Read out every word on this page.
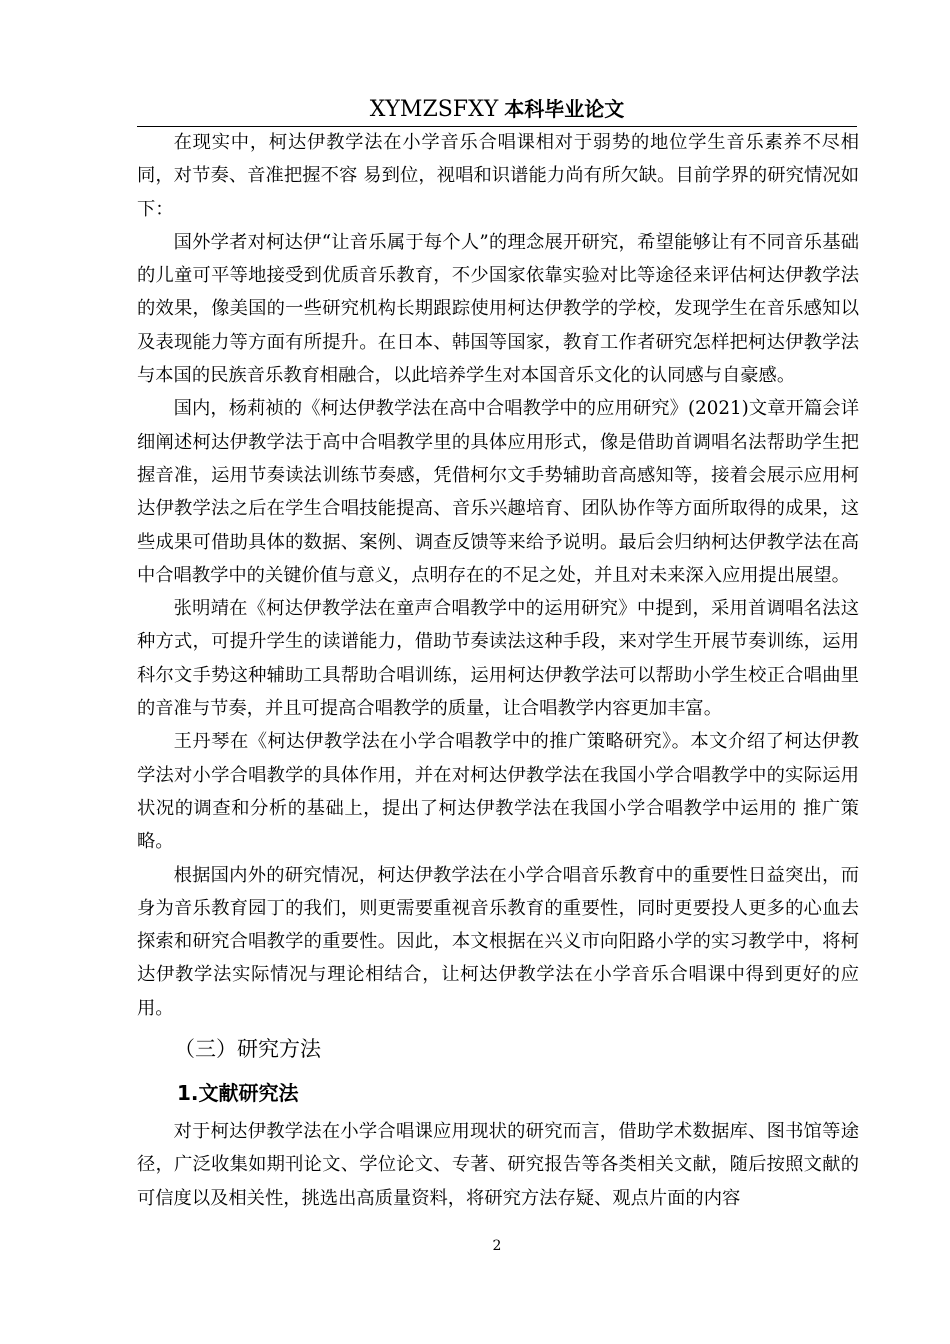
XYMZSFXY 本科毕业论文

在现实中，柯达伊教学法在小学音乐合唱课相对于弱势的地位学生音乐素养不尽相同，对节奏、音准把握不容 易到位，视唱和识谱能力尚有所欠缺。目前学界的研究情况如下：

国外学者对柯达伊“让音乐属于每个人”的理念展开研究，希望能够让有不同音乐基础的儿童可平等地接受到优质音乐教育，不少国家依靠实验对比等途径来评估柯达伊教学法的效果，像美国的一些研究机构长期跟踪使用柯达伊教学的学校，发现学生在音乐感知以及表现能力等方面有所提升。在日本、韩国等国家，教育工作者研究怎样把柯达伊教学法与本国的民族音乐教育相融合，以此培养学生对本国音乐文化的认同感与自豪感。

国内，杨莉祯的《柯达伊教学法在高中合唱教学中的应用研究》(2021)文章开篇会详细阐述柯达伊教学法于高中合唱教学里的具体应用形式，像是借助首调唱名法帮助学生把握音准，运用节奏读法训练节奏感，凭借柯尔文手势辅助音高感知等，接着会展示应用柯达伊教学法之后在学生合唱技能提高、音乐兴趣培育、团队协作等方面所取得的成果，这些成果可借助具体的数据、案例、调查反馈等来给予说明。最后会归纳柯达伊教学法在高中合唱教学中的关键价值与意义，点明存在的不足之处，并且对未来深入应用提出展望。

张明靖在《柯达伊教学法在童声合唱教学中的运用研究》中提到，采用首调唱名法这种方式，可提升学生的读谱能力，借助节奏读法这种手段，来对学生开展节奏训练，运用科尔文手势这种辅助工具帮助合唱训练，运用柯达伊教学法可以帮助小学生校正合唱曲里的音准与节奏，并且可提高合唱教学的质量，让合唱教学内容更加丰富。

王丹琴在《柯达伊教学法在小学合唱教学中的推广策略研究》。本文介绍了柯达伊教学法对小学合唱教学的具体作用，并在对柯达伊教学法在我国小学合唱教学中的实际运用状况的调查和分析的基础上，提出了柯达伊教学法在我国小学合唱教学中运用的 推广策略。

根据国内外的研究情况，柯达伊教学法在小学合唱音乐教育中的重要性日益突出，而身为音乐教育园丁的我们，则更需要重视音乐教育的重要性，同时更要投人更多的心血去探索和研究合唱教学的重要性。因此，本文根据在兴义市向阳路小学的实习教学中，将柯达伊教学法实际情况与理论相结合，让柯达伊教学法在小学音乐合唱课中得到更好的应用。

（三）研究方法
1.文献研究法

对于柯达伊教学法在小学合唱课应用现状的研究而言，借助学术数据库、图书馆等途径，广泛收集如期刊论文、学位论文、专著、研究报告等各类相关文献，随后按照文献的可信度以及相关性，挑选出高质量资料，将研究方法存疑、观点片面的内容

2
